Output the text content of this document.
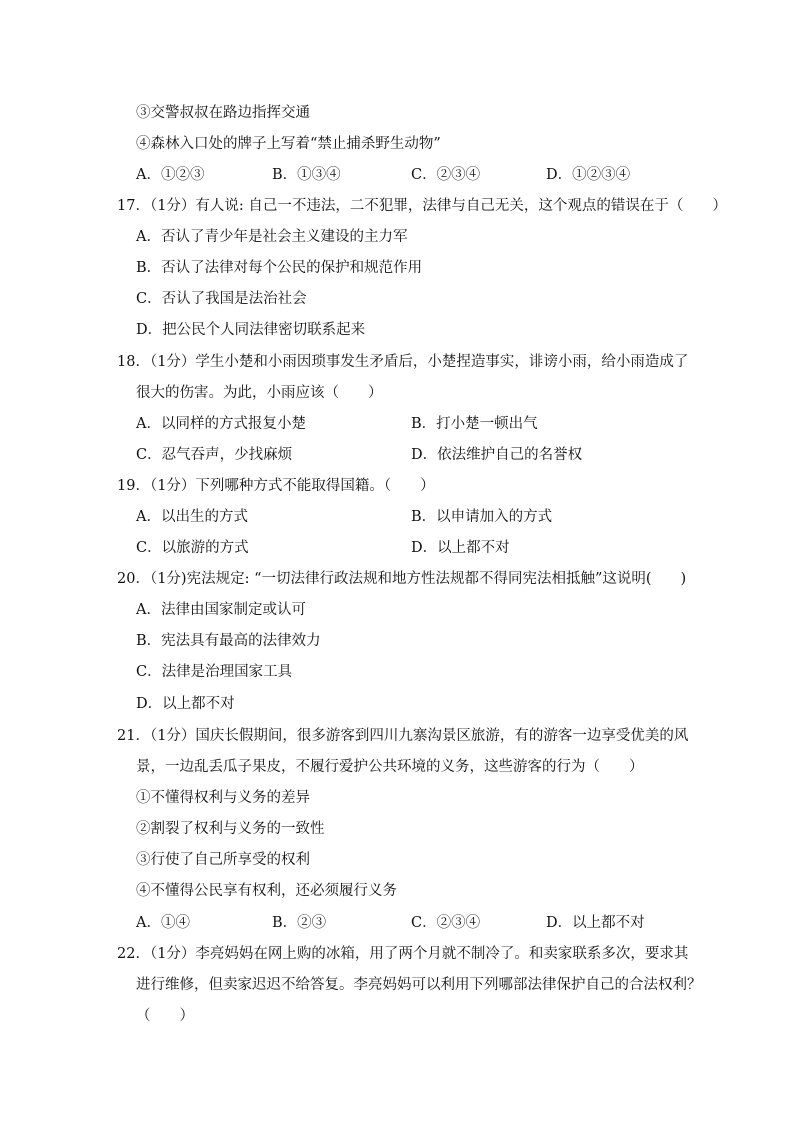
③交警叔叔在路边指挥交通
④森林入口处的牌子上写着“禁止捕杀野生动物”
A．①②③	B．①③④	C．②③④	D．①②③④
17．（1分）有人说: 自己一不违法，二不犯罪，法律与自己无关，这个观点的错误在于（　　）
A．否认了青少年是社会主义建设的主力军
B．否认了法律对每个公民的保护和规范作用
C．否认了我国是法治社会
D．把公民个人同法律密切联系起来
18．（1分）学生小楚和小雨因琐事发生矛盾后，小楚捏造事实，诽谤小雨，给小雨造成了
很大的伤害。为此，小雨应该（　　）
A．以同样的方式报复小楚	B．打小楚一顿出气
C．忍气吞声，少找麻烦	D．依法维护自己的名誉权
19．（1分）下列哪种方式不能取得国籍。（　　）
A．以出生的方式	B．以申请加入的方式
C．以旅游的方式	D．以上都不对
20．（1分)宪法规定: “一切法律行政法规和地方性法规都不得同宪法相抵触”这说明(　　)
A．法律由国家制定或认可
B．宪法具有最高的法律效力
C．法律是治理国家工具
D．以上都不对
21．（1分）国庆长假期间，很多游客到四川九寨沟景区旅游，有的游客一边享受优美的风
景，一边乱丢瓜子果皮，不履行爱护公共环境的义务，这些游客的行为（　　）
①不懂得权利与义务的差异
②割裂了权利与义务的一致性
③行使了自己所享受的权利
④不懂得公民享有权利，还必须履行义务
A．①④	B．②③	C．②③④	D．以上都不对
22．（1分）李亮妈妈在网上购的冰箱，用了两个月就不制冷了。和卖家联系多次，要求其
进行维修，但卖家迟迟不给答复。李亮妈妈可以利用下列哪部法律保护自己的合法权利？
（　　）
